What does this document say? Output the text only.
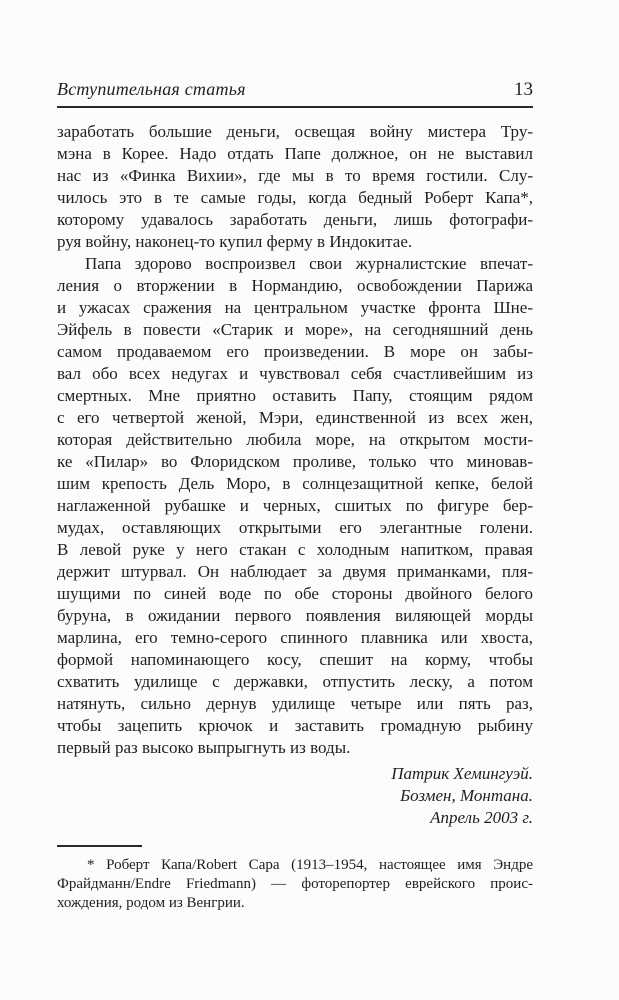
Вступительная статья	13
заработать большие деньги, освещая войну мистера Тру-
мэна в Корее. Надо отдать Папе должное, он не выставил
нас из «Финка Вихии», где мы в то время гостили. Слу-
чилось это в те самые годы, когда бедный Роберт Капа*,
которому удавалось заработать деньги, лишь фотографи-
руя войну, наконец-то купил ферму в Индокитае.
Папа здорово воспроизвел свои журналистские впечат-
ления о вторжении в Нормандию, освобождении Парижа
и ужасах сражения на центральном участке фронта Шне-
Эйфель в повести «Старик и море», на сегодняшний день
самом продаваемом его произведении. В море он забы-
вал обо всех недугах и чувствовал себя счастливейшим из
смертных. Мне приятно оставить Папу, стоящим рядом
с его четвертой женой, Мэри, единственной из всех жен,
которая действительно любила море, на открытом мости-
ке «Пилар» во Флоридском проливе, только что миновав-
шим крепость Дель Моро, в солнцезащитной кепке, белой
наглаженной рубашке и черных, сшитых по фигуре бер-
мудах, оставляющих открытыми его элегантные голени.
В левой руке у него стакан с холодным напитком, правая
держит штурвал. Он наблюдает за двумя приманками, пля-
шущими по синей воде по обе стороны двойного белого
буруна, в ожидании первого появления виляющей морды
марлина, его темно-серого спинного плавника или хвоста,
формой напоминающего косу, спешит на корму, чтобы
схватить удилище с державки, отпустить леску, а потом
натянуть, сильно дернув удилище четыре или пять раз,
чтобы зацепить крючок и заставить громадную рыбину
первый раз высоко выпрыгнуть из воды.
Патрик Хемингуэй.
Бозмен, Монтана.
Апрель 2003 г.
* Роберт Капа/Robert Capa (1913–1954, настоящее имя Эндре
Фрайдманн/Endre Friedmann) — фоторепортер еврейского проис-
хождения, родом из Венгрии.
